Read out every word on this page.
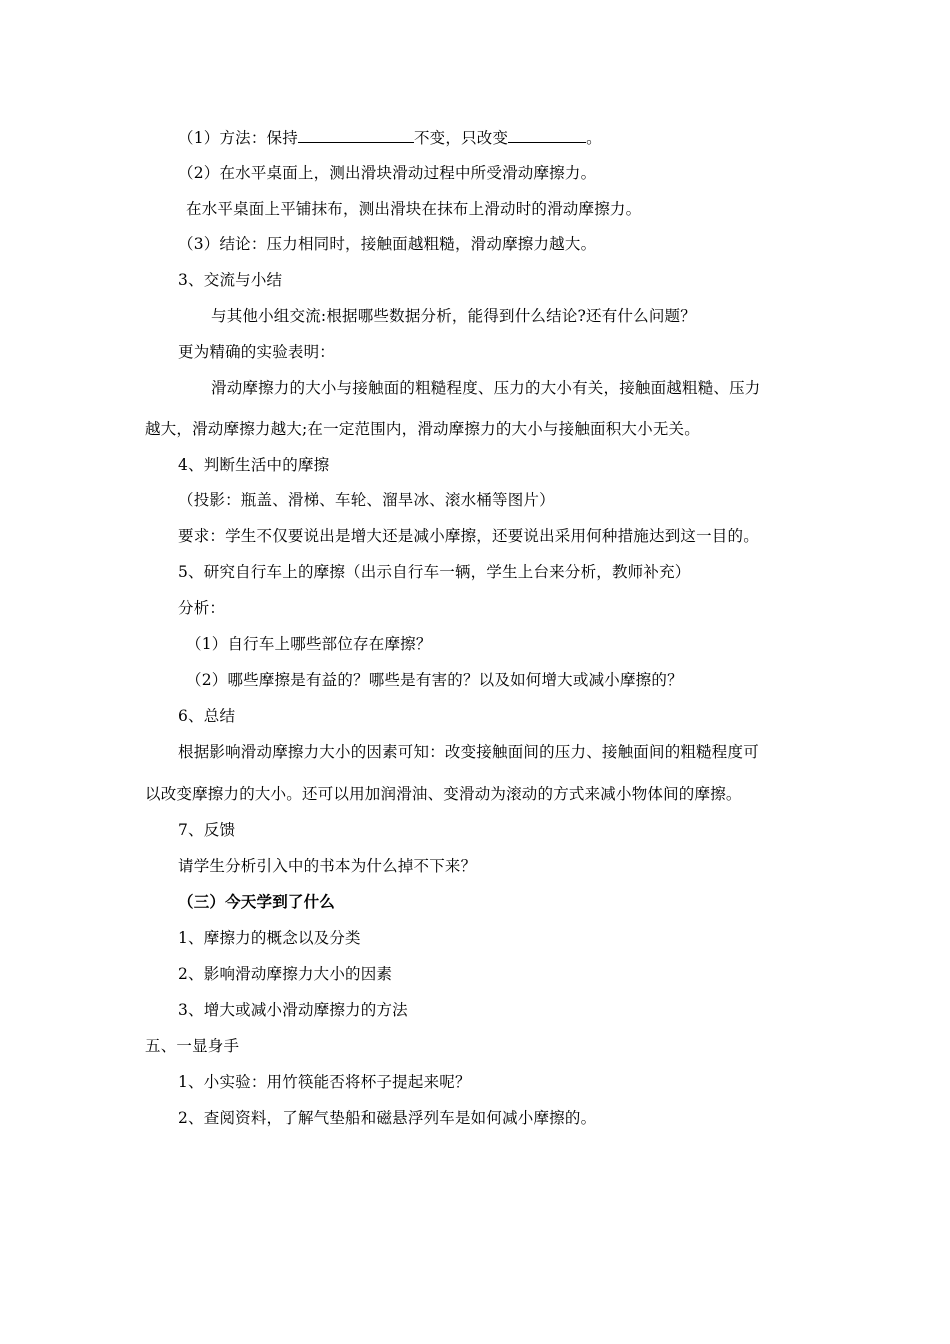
（1）方法：保持	不变，只改变	。
（2）在水平桌面上，测出滑块滑动过程中所受滑动摩擦力。
在水平桌面上平铺抹布，测出滑块在抹布上滑动时的滑动摩擦力。
（3）结论：压力相同时，接触面越粗糙，滑动摩擦力越大。
3、交流与小结
与其他小组交流:根据哪些数据分析，能得到什么结论?还有什么问题？
更为精确的实验表明：
滑动摩擦力的大小与接触面的粗糙程度、压力的大小有关，接触面越粗糙、压力
越大，滑动摩擦力越大;在一定范围内，滑动摩擦力的大小与接触面积大小无关。
4、判断生活中的摩擦
（投影：瓶盖、滑梯、车轮、溜旱冰、滚水桶等图片）
要求：学生不仅要说出是增大还是减小摩擦，还要说出采用何种措施达到这一目的。
5、研究自行车上的摩擦（出示自行车一辆，学生上台来分析，教师补充）
分析：
（1）自行车上哪些部位存在摩擦？
（2）哪些摩擦是有益的？哪些是有害的？以及如何增大或减小摩擦的？
6、总结
根据影响滑动摩擦力大小的因素可知：改变接触面间的压力、接触面间的粗糙程度可
以改变摩擦力的大小。还可以用加润滑油、变滑动为滚动的方式来减小物体间的摩擦。
7、反馈
请学生分析引入中的书本为什么掉不下来？
（三）今天学到了什么
1、摩擦力的概念以及分类
2、影响滑动摩擦力大小的因素
3、增大或减小滑动摩擦力的方法
五、一显身手
1、小实验：用竹筷能否将杯子提起来呢？
2、查阅资料，了解气垫船和磁悬浮列车是如何减小摩擦的。
